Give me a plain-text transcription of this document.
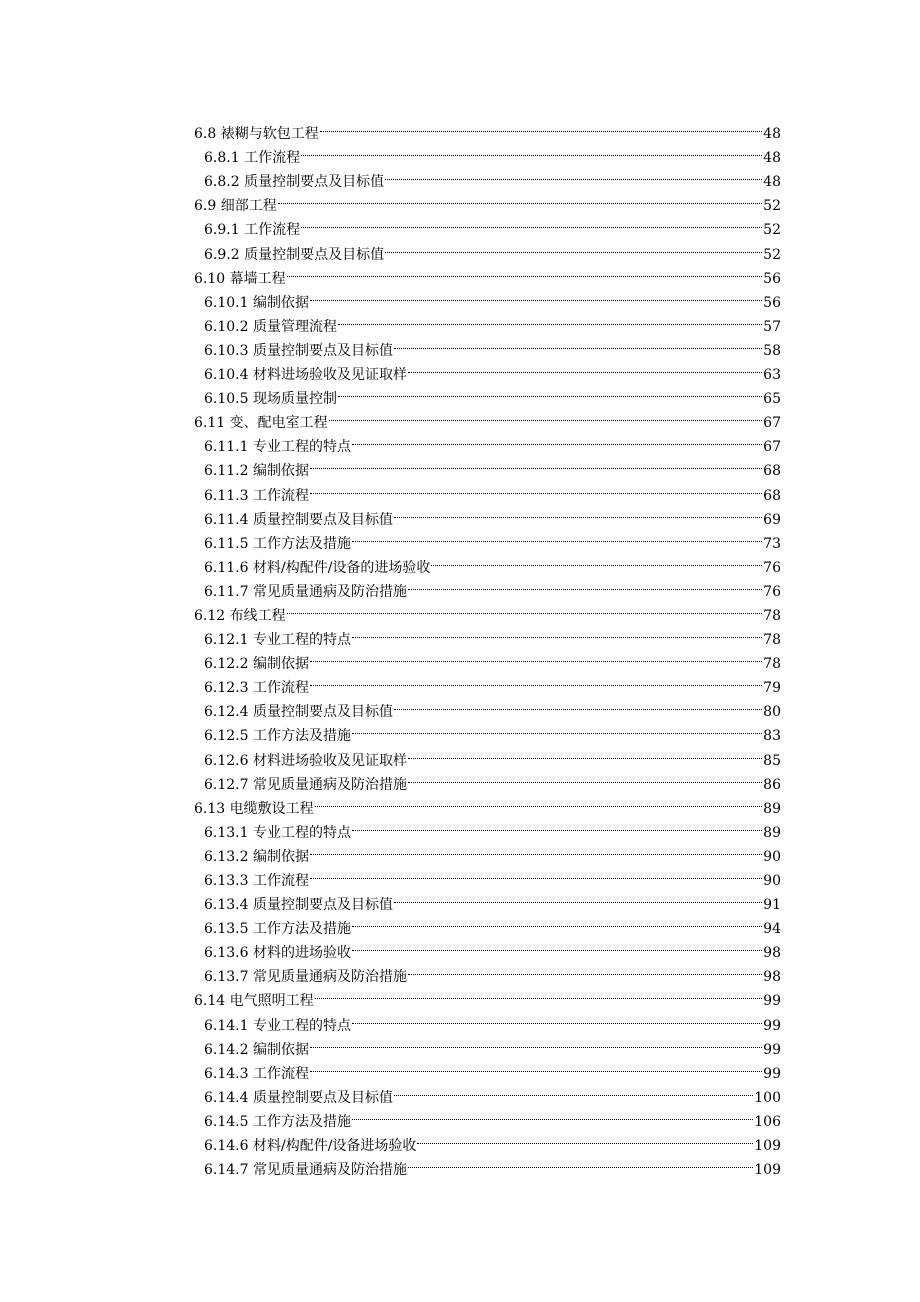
6.8 裱糊与软包工程	48
6.8.1 工作流程	48
6.8.2 质量控制要点及目标值	48
6.9 细部工程	52
6.9.1 工作流程	52
6.9.2 质量控制要点及目标值	52
6.10 幕墙工程	56
6.10.1 编制依据	56
6.10.2 质量管理流程	57
6.10.3 质量控制要点及目标值	58
6.10.4 材料进场验收及见证取样	63
6.10.5 现场质量控制	65
6.11 变、配电室工程	67
6.11.1 专业工程的特点	67
6.11.2 编制依据	68
6.11.3 工作流程	68
6.11.4 质量控制要点及目标值	69
6.11.5 工作方法及措施	73
6.11.6 材料/构配件/设备的进场验收	76
6.11.7 常见质量通病及防治措施	76
6.12 布线工程	78
6.12.1 专业工程的特点	78
6.12.2 编制依据	78
6.12.3 工作流程	79
6.12.4 质量控制要点及目标值	80
6.12.5 工作方法及措施	83
6.12.6 材料进场验收及见证取样	85
6.12.7 常见质量通病及防治措施	86
6.13 电缆敷设工程	89
6.13.1 专业工程的特点	89
6.13.2 编制依据	90
6.13.3 工作流程	90
6.13.4 质量控制要点及目标值	91
6.13.5 工作方法及措施	94
6.13.6 材料的进场验收	98
6.13.7 常见质量通病及防治措施	98
6.14 电气照明工程	99
6.14.1 专业工程的特点	99
6.14.2 编制依据	99
6.14.3 工作流程	99
6.14.4 质量控制要点及目标值	100
6.14.5 工作方法及措施	106
6.14.6 材料/构配件/设备进场验收	109
6.14.7 常见质量通病及防治措施	109
